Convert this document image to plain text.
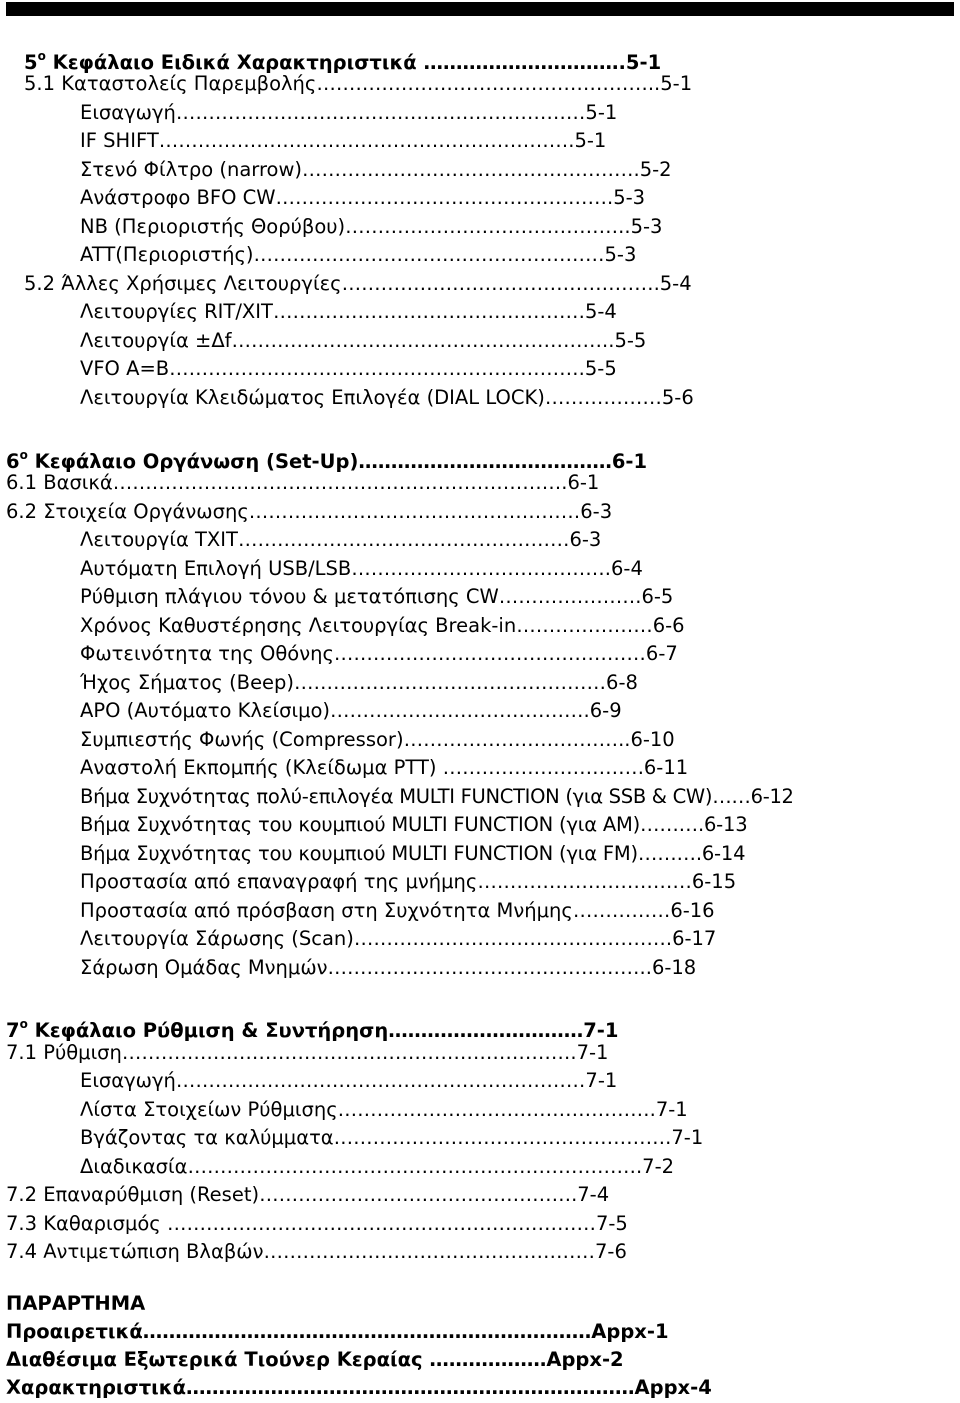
$5^o$ Κεφάλαιο Ειδικά Χαρακτηριστικά ………………………….5-1
5.1 Καταστολείς Παρεμβολής……………………………………………..5-1
Εισαγωγή………………………………………………………5-1
IF SHIFT……………………………………………………….5-1
Στενό Φίλτρο (narrow)…………………………………………….5-2
Ανάστροφο BFO CW…………………………………………….5-3
NB (Περιοριστής Θορύβου)……………………………………..5-3
ATT(Περιοριστής)………………………………………………5-3
5.2 Άλλες Χρήσιμες Λειτουργίες………………………………………….5-4
Λειτουργίες RIT/XIT…………………………………………5-4
Λειτουργία ±Δf…………………………………………………..5-5
VFO A=B……………………………………………………….5-5
Λειτουργία Κλειδώματος Επιλογέα (DIAL LOCK)………………5-6
$6^o$ Κεφάλαιο Οργάνωση (Set-Up)…………………………………6-1
6.1 Βασικά…………………………………………………………….6-1
6.2 Στοιχεία Οργάνωσης……………………………………………6-3
Λειτουργία TXIT……………………………………………6-3
Αυτόματη Επιλογή USB/LSB………………………………….6-4
Ρύθμιση πλάγιου τόνου & μετατόπισης CW………………….6-5
Χρόνος Καθυστέρησης Λειτουργίας Break-in…………………6-6
Φωτεινότητα της Οθόνης…………………………………………6-7
Ήχος Σήματος (Beep)…………………………………………6-8
APO (Αυτόματο Κλείσιμο)………………………………….6-9
Συμπιεστής Φωνής (Compressor)……………………………..6-10
Αναστολή Εκπομπής (Κλείδωμα PTT) ………………………….6-11
Βήμα Συχνότητας πολύ-επιλογέα MULTI FUNCTION (για SSB & CW)……6-12
Βήμα Συχνότητας του κουμπιού MULTI FUNCTION (για AM)……….6-13
Βήμα Συχνότητας του κουμπιού MULTI FUNCTION (για FM)……….6-14
Προστασία από επαναγραφή της μνήμης……………………………6-15
Προστασία από πρόσβαση στη Συχνότητα Μνήμης……………6-16
Λειτουργία Σάρωσης (Scan)………………………………………….6-17
Σάρωση Ομάδας Μνημών…………………………………………..6-18
$7^o$ Κεφάλαιο Ρύθμιση & Συντήρηση…………………………7-1
7.1 Ρύθμιση…………………………………………………………….7-1
Εισαγωγή………………………………………………………7-1
Λίστα Στοιχείων Ρύθμισης………………………………………….7-1
Βγάζοντας τα καλύμματα…………………………………………….7-1
Διαδικασία…………………………………………………………….7-2
7.2 Επαναρύθμιση (Reset)………………………………………….7-4
7.3 Καθαρισμός …………………………………………………………7-5
7.4 Αντιμετώπιση Βλαβών……………………………………………7-6
ΠΑΡΑΡΤΗΜΑ
Προαιρετικά……………………………………………………………Appx-1
Διαθέσιμα Εξωτερικά Τιούνερ Κεραίας ………………Appx-2
Χαρακτηριστικά……………………………………………………………Appx-4
